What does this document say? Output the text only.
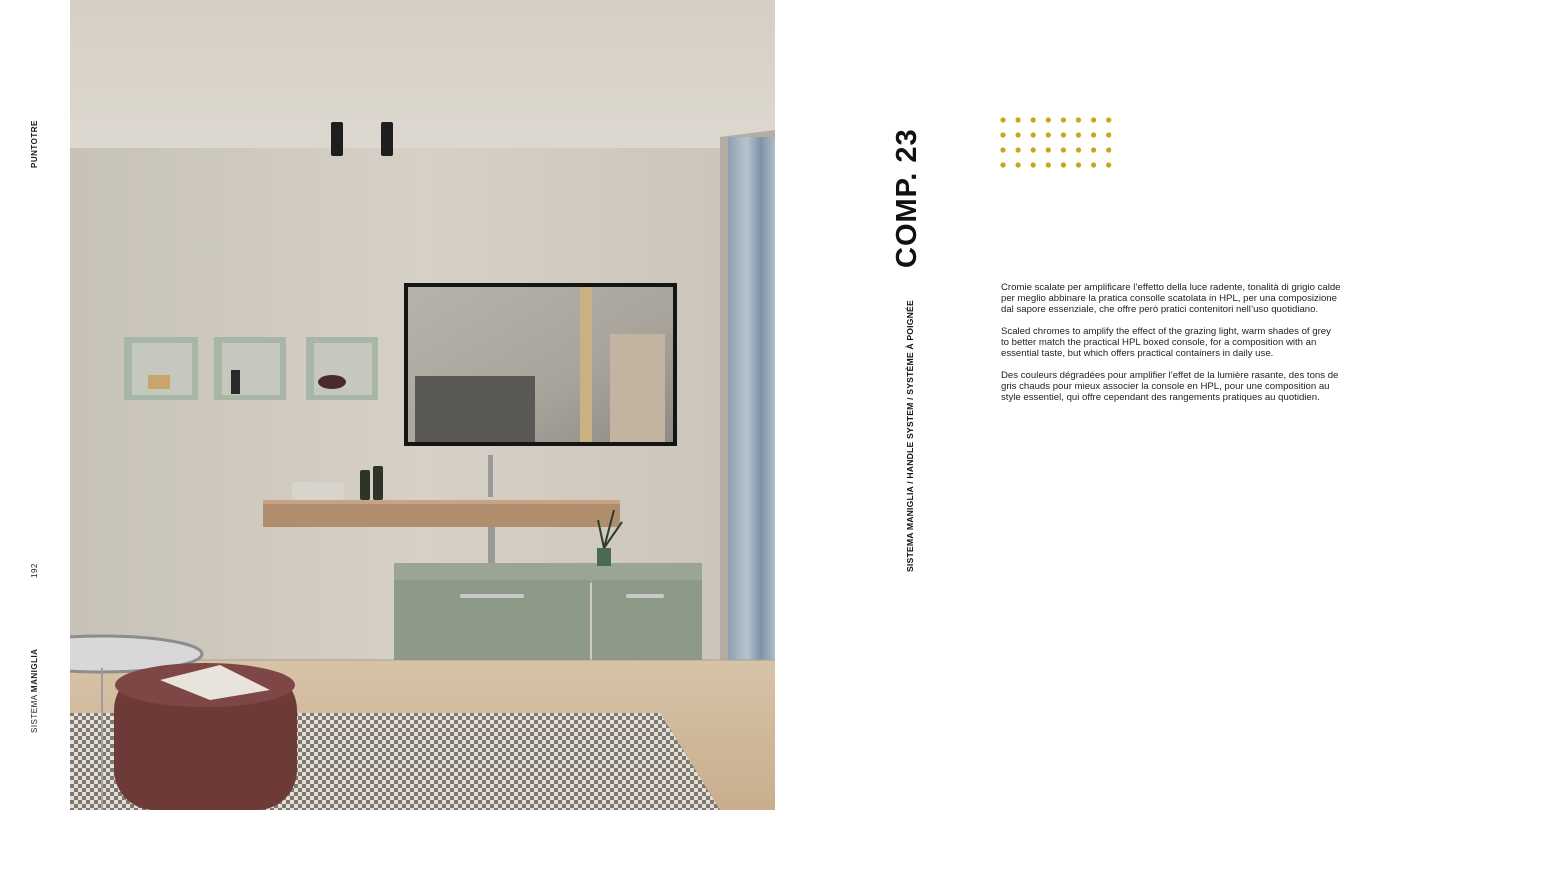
PUNTOTRE
192
SISTEMA MANIGLIA
COMP. 23
SISTEMA MANIGLIA / HANDLE SYSTEM / SYSTÈME À POIGNÉE

Cromie scalate per amplificare l’effetto della luce radente, tonalità di grigio calde per meglio abbinare la pratica consolle scatolata in HPL, per una composizione dal sapore essenziale, che offre però pratici contenitori nell’uso quotidiano.

Scaled chromes to amplify the effect of the grazing light, warm shades of grey to better match the practical HPL boxed console, for a composition with an essential taste, but which offers practical containers in daily use.

Des couleurs dégradées pour amplifier l’effet de la lumière rasante, des tons de gris chauds pour mieux associer la console en HPL, pour une composition au style essentiel, qui offre cependant des rangements pratiques au quotidien.
